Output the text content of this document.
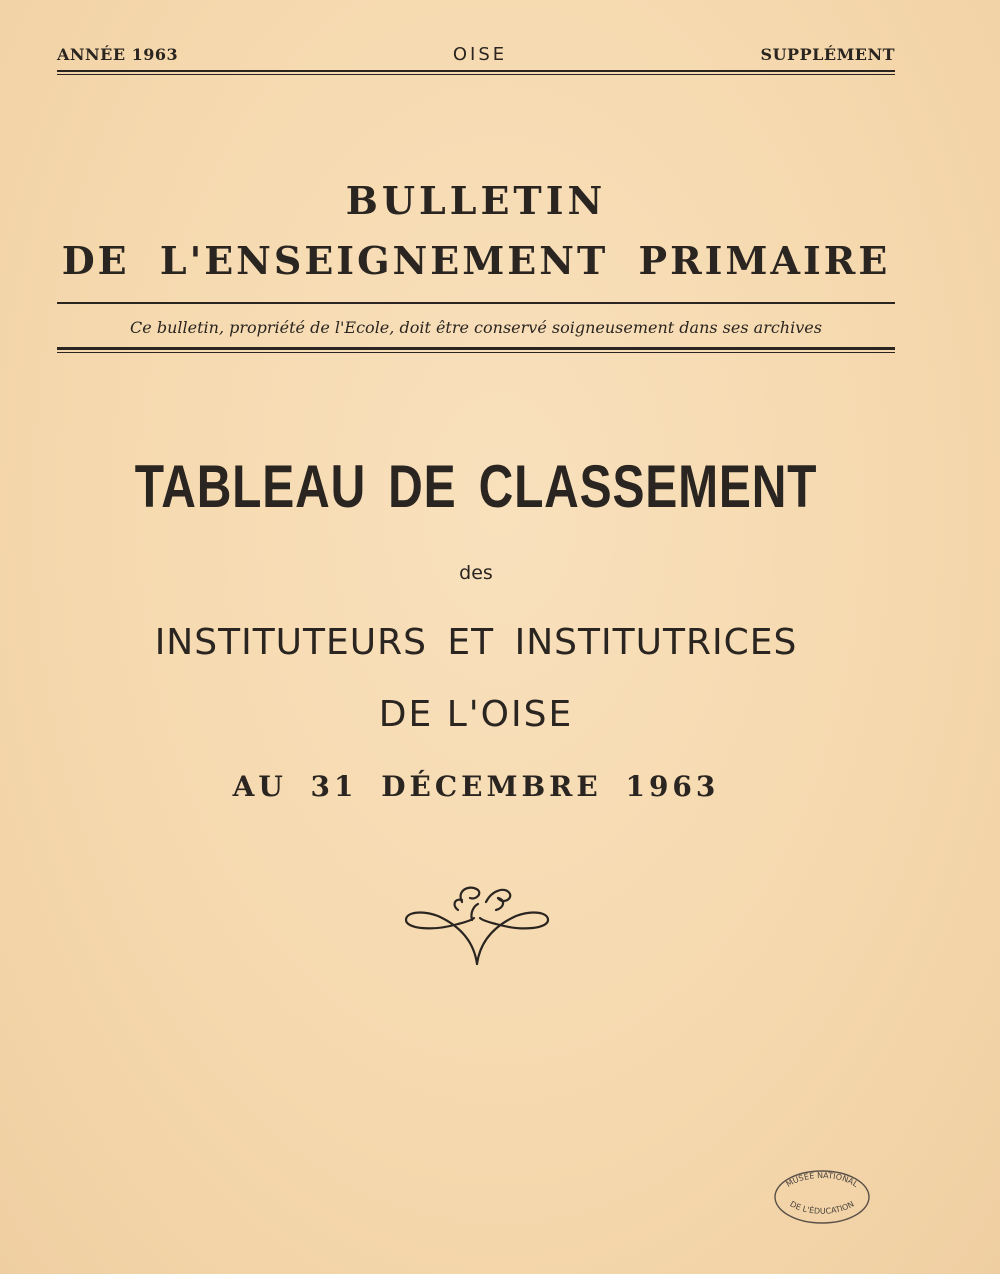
ANNÉE 1963	OISE	SUPPLÉMENT
BULLETIN
DE L'ENSEIGNEMENT PRIMAIRE
Ce bulletin, propriété de l'Ecole, doit être conservé soigneusement dans ses archives
TABLEAU DE CLASSEMENT
des
INSTITUTEURS ET INSTITUTRICES
DE L'OISE
AU 31 DÉCEMBRE 1963
MUSÉE NATIONAL
DE L'ÉDUCATION
